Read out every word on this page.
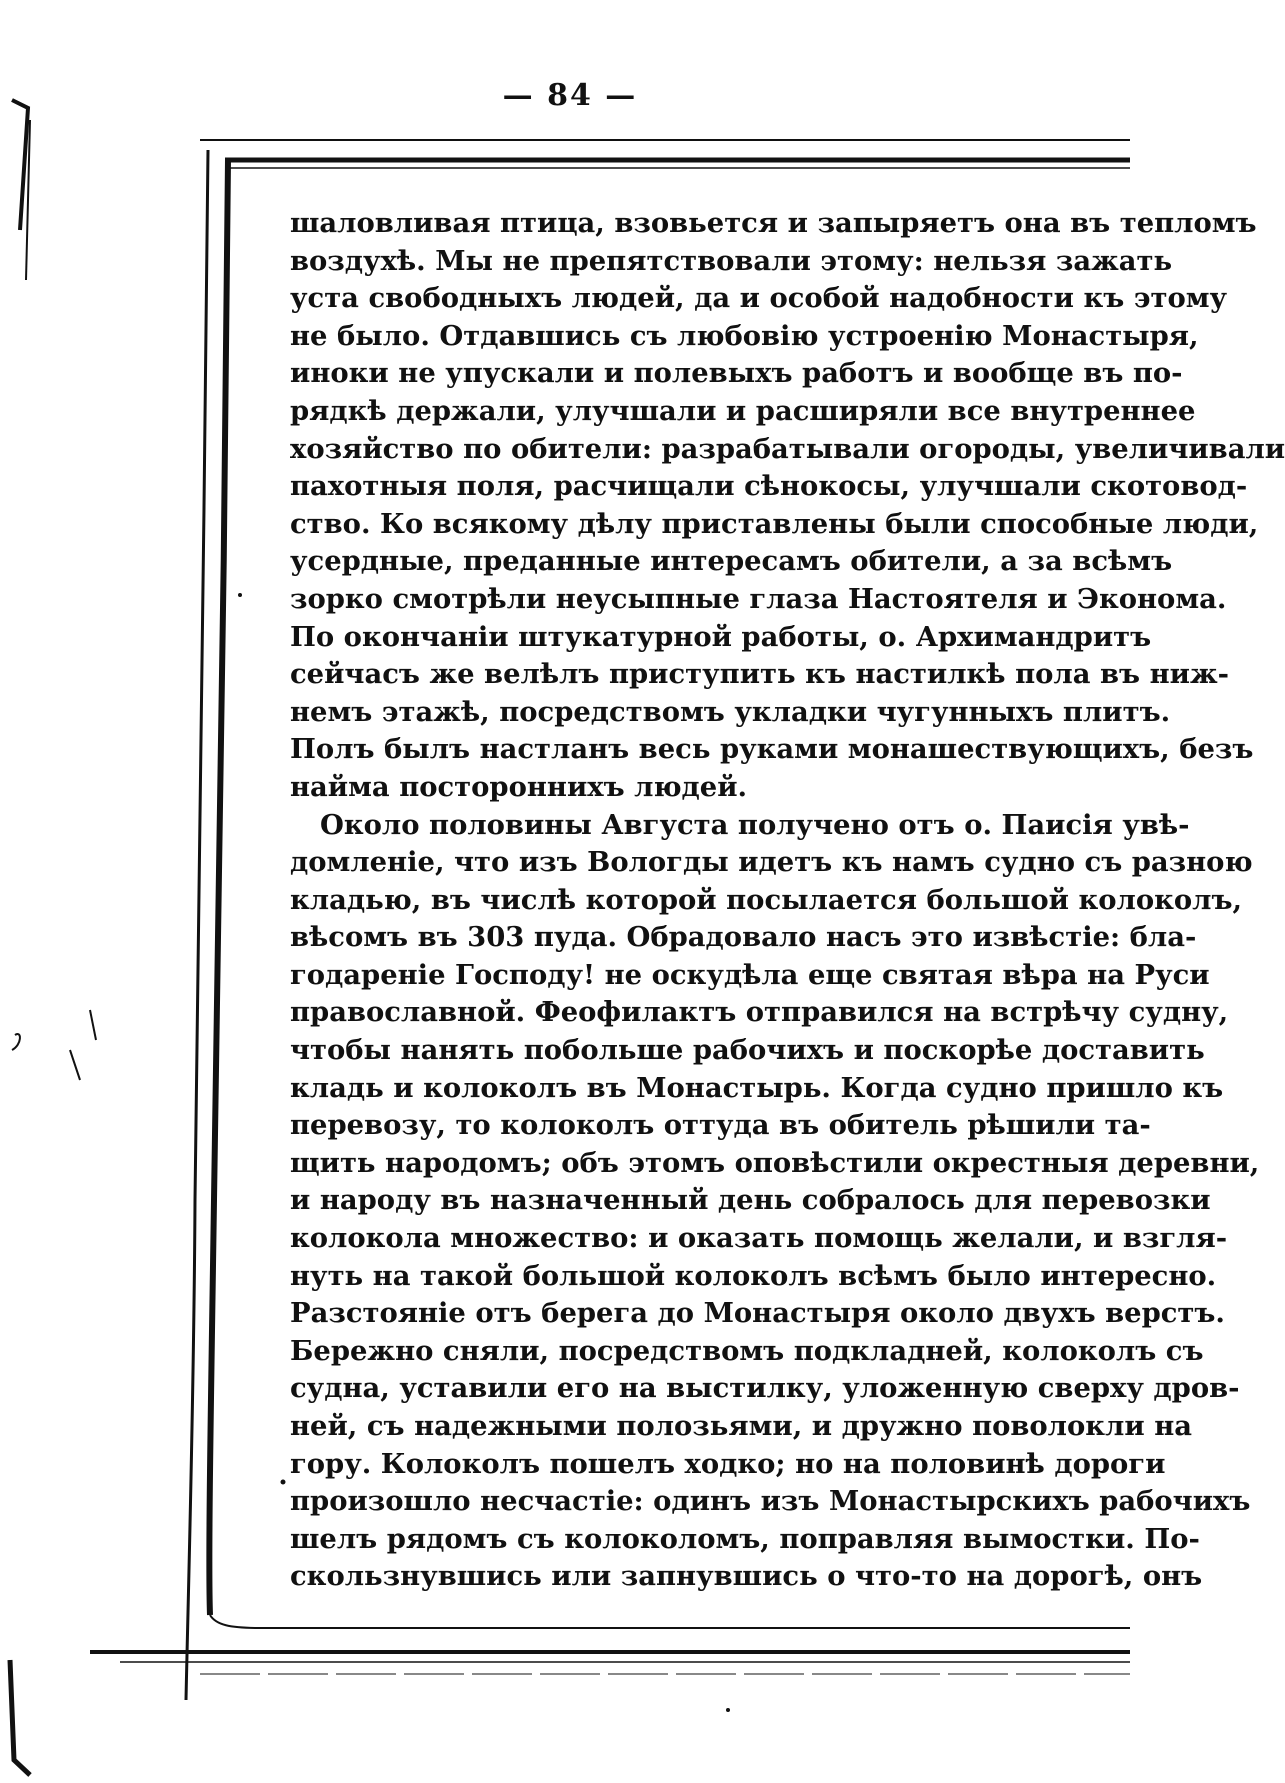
— 84 —
шаловливая птица, взовьется и запыряетъ она въ тепломъ
воздухѣ. Мы не препятствовали этому: нельзя зажать
уста свободныхъ людей, да и особой надобности къ этому
не было. Отдавшись съ любовію устроенію Монастыря,
иноки не упускали и полевыхъ работъ и вообще въ по-
рядкѣ держали, улучшали и расширяли все внутреннее
хозяйство по обители: разрабатывали огороды, увеличивали
пахотныя поля, расчищали сѣнокосы, улучшали скотовод-
ство. Ко всякому дѣлу приставлены были способные люди,
усердные, преданные интересамъ обители, а за всѣмъ
зорко смотрѣли неусыпные глаза Настоятеля и Эконома.
По окончаніи штукатурной работы, о. Архимандритъ
сейчасъ же велѣлъ приступить къ настилкѣ пола въ ниж-
немъ этажѣ, посредствомъ укладки чугунныхъ плитъ.
Полъ былъ настланъ весь руками монашествующихъ, безъ
найма постороннихъ людей.
Около половины Августа получено отъ о. Паисія увѣ-
домленіе, что изъ Вологды идетъ къ намъ судно съ разною
кладью, въ числѣ которой посылается большой колоколъ,
вѣсомъ въ 303 пуда. Обрадовало насъ это извѣстіе: бла-
годареніе Господу! не оскудѣла еще святая вѣра на Руси
православной. Феофилактъ отправился на встрѣчу судну,
чтобы нанять побольше рабочихъ и поскорѣе доставить
кладь и колоколъ въ Монастырь. Когда судно пришло къ
перевозу, то колоколъ оттуда въ обитель рѣшили та-
щить народомъ; объ этомъ оповѣстили окрестныя деревни,
и народу въ назначенный день собралось для перевозки
колокола множество: и оказать помощь желали, и взгля-
нуть на такой большой колоколъ всѣмъ было интересно.
Разстояніе отъ берега до Монастыря около двухъ верстъ.
Бережно сняли, посредствомъ подкладней, колоколъ съ
судна, уставили его на выстилку, уложенную сверху дров-
ней, съ надежными полозьями, и дружно поволокли на
гору. Колоколъ пошелъ ходко; но на половинѣ дороги
произошло несчастіе: одинъ изъ Монастырскихъ рабочихъ
шелъ рядомъ съ колоколомъ, поправляя вымостки. По-
скользнувшись или запнувшись о что-то на дорогѣ, онъ
